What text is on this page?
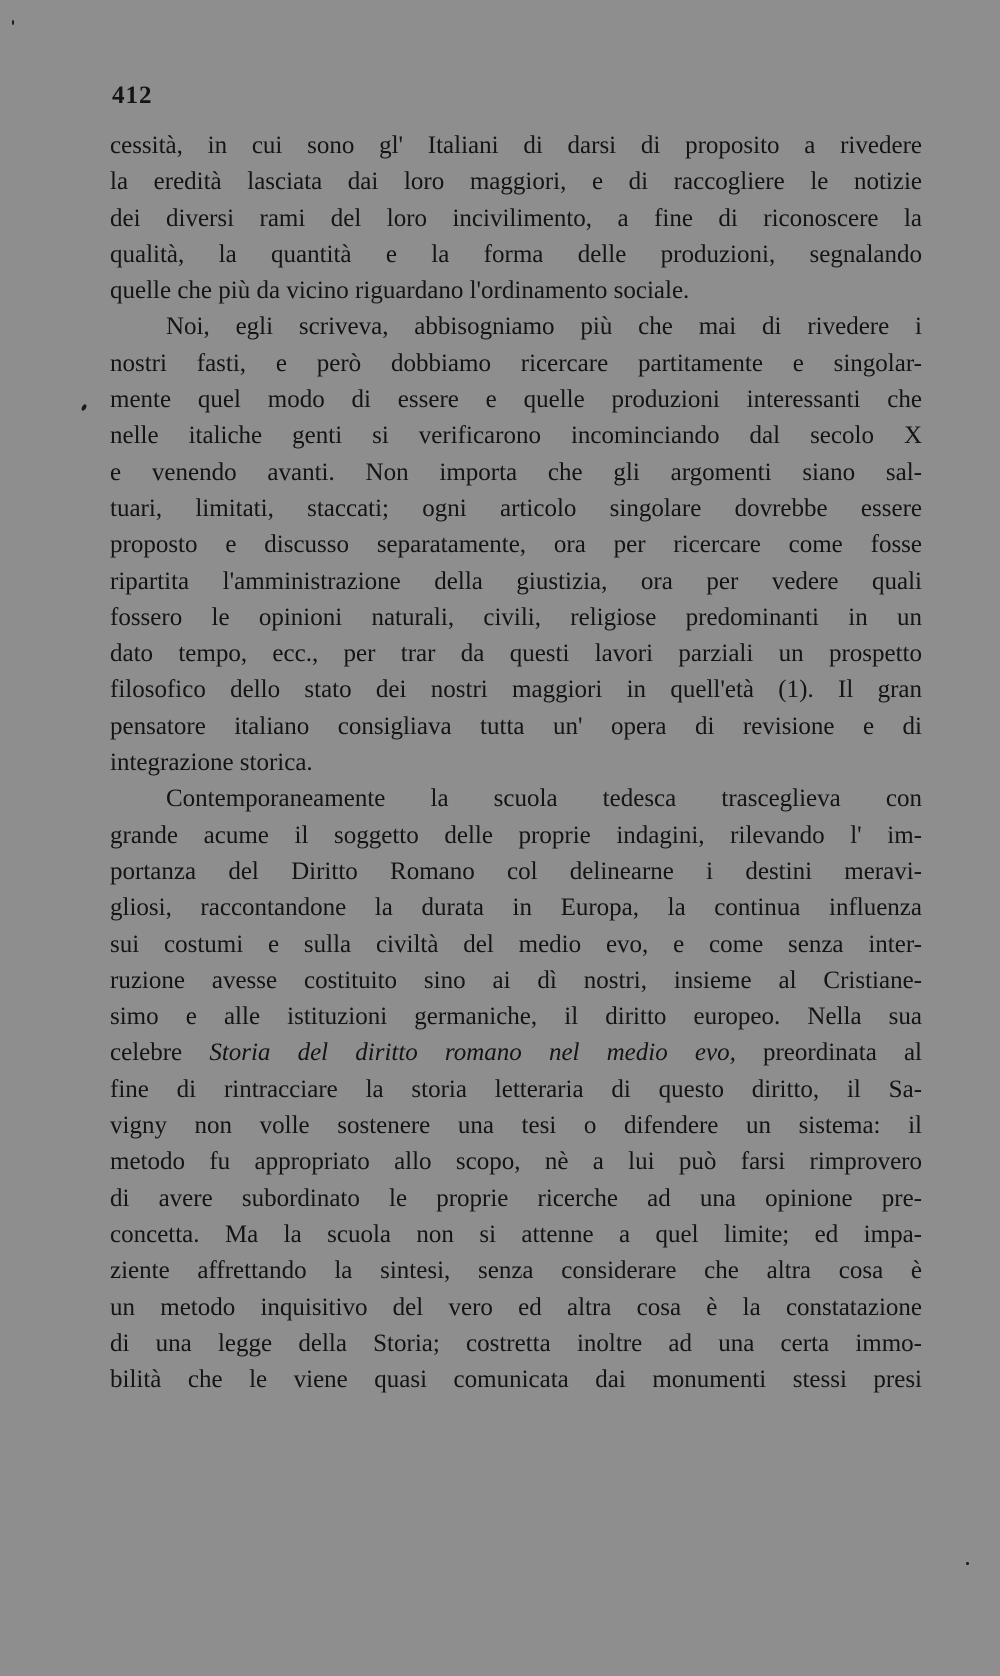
412
cessità, in cui sono gl' Italiani di darsi di proposito a rivedere
la eredità lasciata dai loro maggiori, e di raccogliere le notizie
dei diversi rami del loro incivilimento, a fine di riconoscere la
qualità, la quantità e la forma delle produzioni, segnalando
quelle che più da vicino riguardano l'ordinamento sociale.
Noi, egli scriveva, abbisogniamo più che mai di rivedere i
nostri fasti, e però dobbiamo ricercare partitamente e singolar-
mente quel modo di essere e quelle produzioni interessanti che
nelle italiche genti si verificarono incominciando dal secolo X
e venendo avanti. Non importa che gli argomenti siano sal-
tuari, limitati, staccati; ogni articolo singolare dovrebbe essere
proposto e discusso separatamente, ora per ricercare come fosse
ripartita l'amministrazione della giustizia, ora per vedere quali
fossero le opinioni naturali, civili, religiose predominanti in un
dato tempo, ecc., per trar da questi lavori parziali un prospetto
filosofico dello stato dei nostri maggiori in quell'età (1). Il gran
pensatore italiano consigliava tutta un' opera di revisione e di
integrazione storica.
Contemporaneamente la scuola tedesca trasceglieva con
grande acume il soggetto delle proprie indagini, rilevando l' im-
portanza del Diritto Romano col delinearne i destini meravi-
gliosi, raccontandone la durata in Europa, la continua influenza
sui costumi e sulla civiltà del medio evo, e come senza inter-
ruzione avesse costituito sino ai dì nostri, insieme al Cristiane-
simo e alle istituzioni germaniche, il diritto europeo. Nella sua
celebre Storia del diritto romano nel medio evo, preordinata al
fine di rintracciare la storia letteraria di questo diritto, il Sa-
vigny non volle sostenere una tesi o difendere un sistema: il
metodo fu appropriato allo scopo, nè a lui può farsi rimprovero
di avere subordinato le proprie ricerche ad una opinione pre-
concetta. Ma la scuola non si attenne a quel limite; ed impa-
ziente affrettando la sintesi, senza considerare che altra cosa è
un metodo inquisitivo del vero ed altra cosa è la constatazione
di una legge della Storia; costretta inoltre ad una certa immo-
bilità che le viene quasi comunicata dai monumenti stessi presi
